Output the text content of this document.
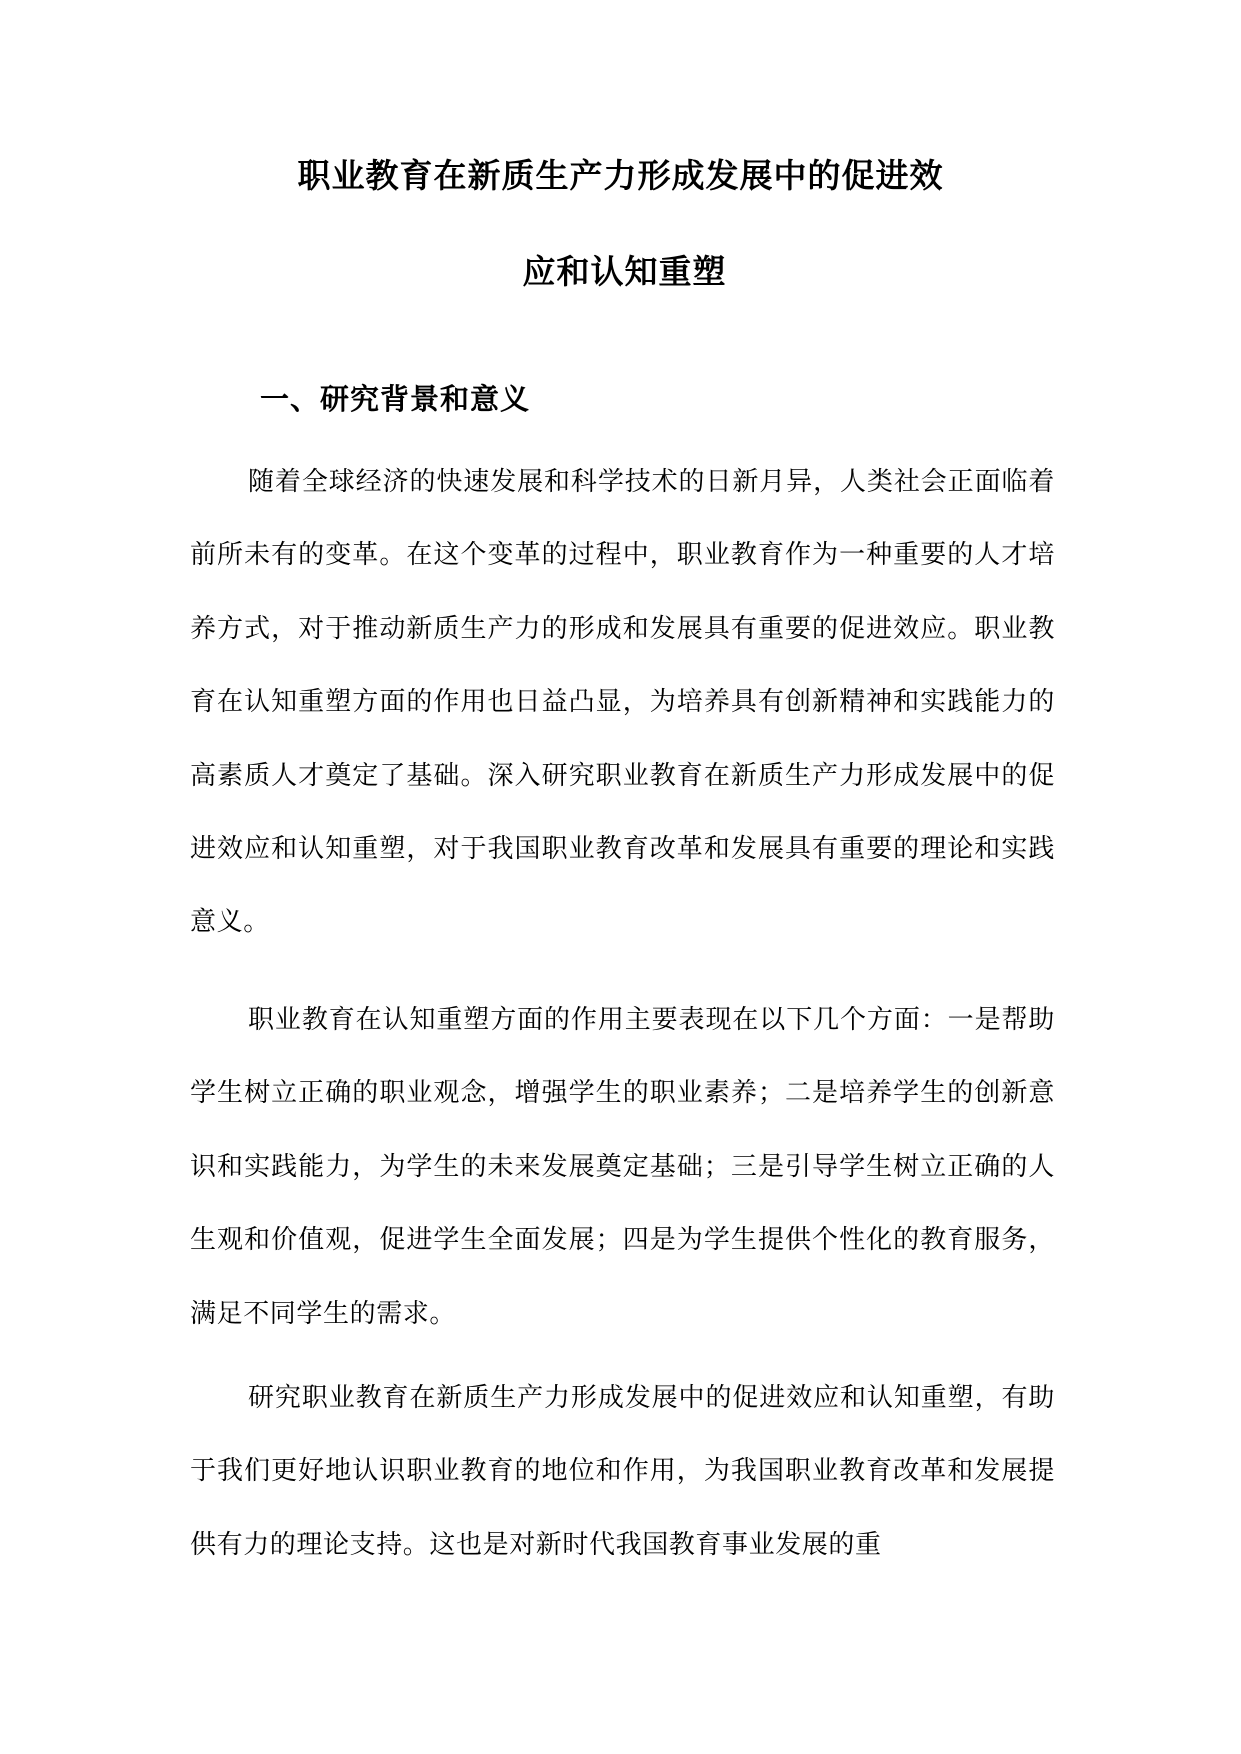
职业教育在新质生产力形成发展中的促进效
应和认知重塑
一、研究背景和意义

随着全球经济的快速发展和科学技术的日新月异，人类社会正面临着前所未有的变革。在这个变革的过程中，职业教育作为一种重要的人才培养方式，对于推动新质生产力的形成和发展具有重要的促进效应。职业教育在认知重塑方面的作用也日益凸显，为培养具有创新精神和实践能力的高素质人才奠定了基础。深入研究职业教育在新质生产力形成发展中的促进效应和认知重塑，对于我国职业教育改革和发展具有重要的理论和实践意义。

职业教育在认知重塑方面的作用主要表现在以下几个方面：一是帮助学生树立正确的职业观念，增强学生的职业素养；二是培养学生的创新意识和实践能力，为学生的未来发展奠定基础；三是引导学生树立正确的人生观和价值观，促进学生全面发展；四是为学生提供个性化的教育服务，满足不同学生的需求。

研究职业教育在新质生产力形成发展中的促进效应和认知重塑，有助于我们更好地认识职业教育的地位和作用，为我国职业教育改革和发展提供有力的理论支持。这也是对新时代我国教育事业发展的重
